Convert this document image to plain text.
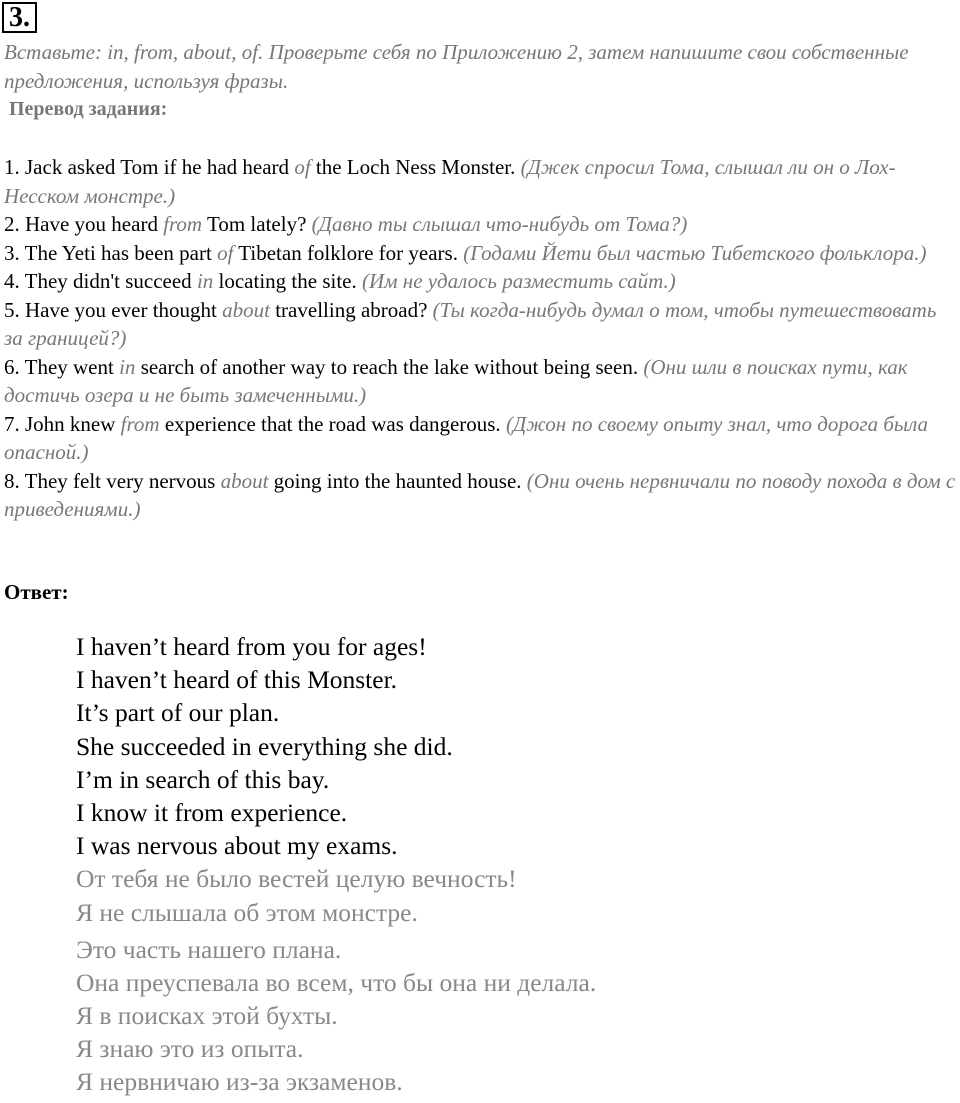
3.
Вставьте: in, from, about, of. Проверьте себя по Приложению 2, затем напишите свои собственные предложения, используя фразы.
Перевод задания:
1. Jack asked Tom if he had heard of the Loch Ness Monster. (Джек спросил Тома, слышал ли он о Лох-Несском монстре.)
2. Have you heard from Tom lately? (Давно ты слышал что-нибудь от Тома?)
3. The Yeti has been part of Tibetan folklore for years. (Годами Йети был частью Тибетского фольклора.)
4. They didn't succeed in locating the site. (Им не удалось разместить сайт.)
5. Have you ever thought about travelling abroad? (Ты когда-нибудь думал о том, чтобы путешествовать за границей?)
6. They went in search of another way to reach the lake without being seen. (Они шли в поисках пути, как достичь озера и не быть замеченными.)
7. John knew from experience that the road was dangerous. (Джон по своему опыту знал, что дорога была опасной.)
8. They felt very nervous about going into the haunted house. (Они очень нервничали по поводу похода в дом с приведениями.)
Ответ:
I haven’t heard from you for ages!
I haven’t heard of this Monster.
It’s part of our plan.
She succeeded in everything she did.
I’m in search of this bay.
I know it from experience.
I was nervous about my exams.
От тебя не было вестей целую вечность!
Я не слышала об этом монстре.
Это часть нашего плана.
Она преуспевала во всем, что бы она ни делала.
Я в поисках этой бухты.
Я знаю это из опыта.
Я нервничаю из-за экзаменов.
